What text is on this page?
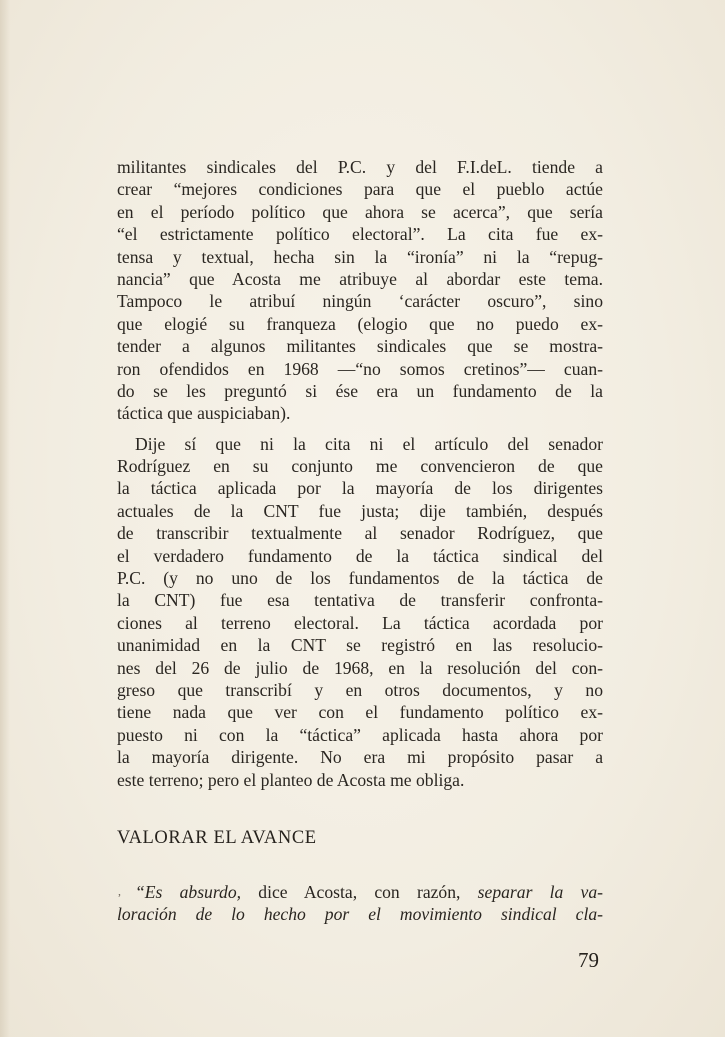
militantes sindicales del P.C. y del F.I.deL. tiende a
crear “mejores condiciones para que el pueblo actúe
en el período político que ahora se acerca”, que sería
“el estrictamente político electoral”. La cita fue ex-
tensa y textual, hecha sin la “ironía” ni la “repug-
nancia” que Acosta me atribuye al abordar este tema.
Tampoco le atribuí ningún ‘carácter oscuro”, sino
que elogié su franqueza (elogio que no puedo ex-
tender a algunos militantes sindicales que se mostra-
ron ofendidos en 1968 —“no somos cretinos”— cuan-
do se les preguntó si ése era un fundamento de la
táctica que auspiciaban).

Dije sí que ni la cita ni el artículo del senador
Rodríguez en su conjunto me convencieron de que
la táctica aplicada por la mayoría de los dirigentes
actuales de la CNT fue justa; dije también, después
de transcribir textualmente al senador Rodríguez, que
el verdadero fundamento de la táctica sindical del
P.C. (y no uno de los fundamentos de la táctica de
la CNT) fue esa tentativa de transferir confronta-
ciones al terreno electoral. La táctica acordada por
unanimidad en la CNT se registró en las resolucio-
nes del 26 de julio de 1968, en la resolución del con-
greso que transcribí y en otros documentos, y no
tiene nada que ver con el fundamento político ex-
puesto ni con la “táctica” aplicada hasta ahora por
la mayoría dirigente. No era mi propósito pasar a
este terreno; pero el planteo de Acosta me obliga.

VALORAR EL AVANCE
, “Es absurdo, dice Acosta, con razón, separar la va-
loración de lo hecho por el movimiento sindical cla-
79
